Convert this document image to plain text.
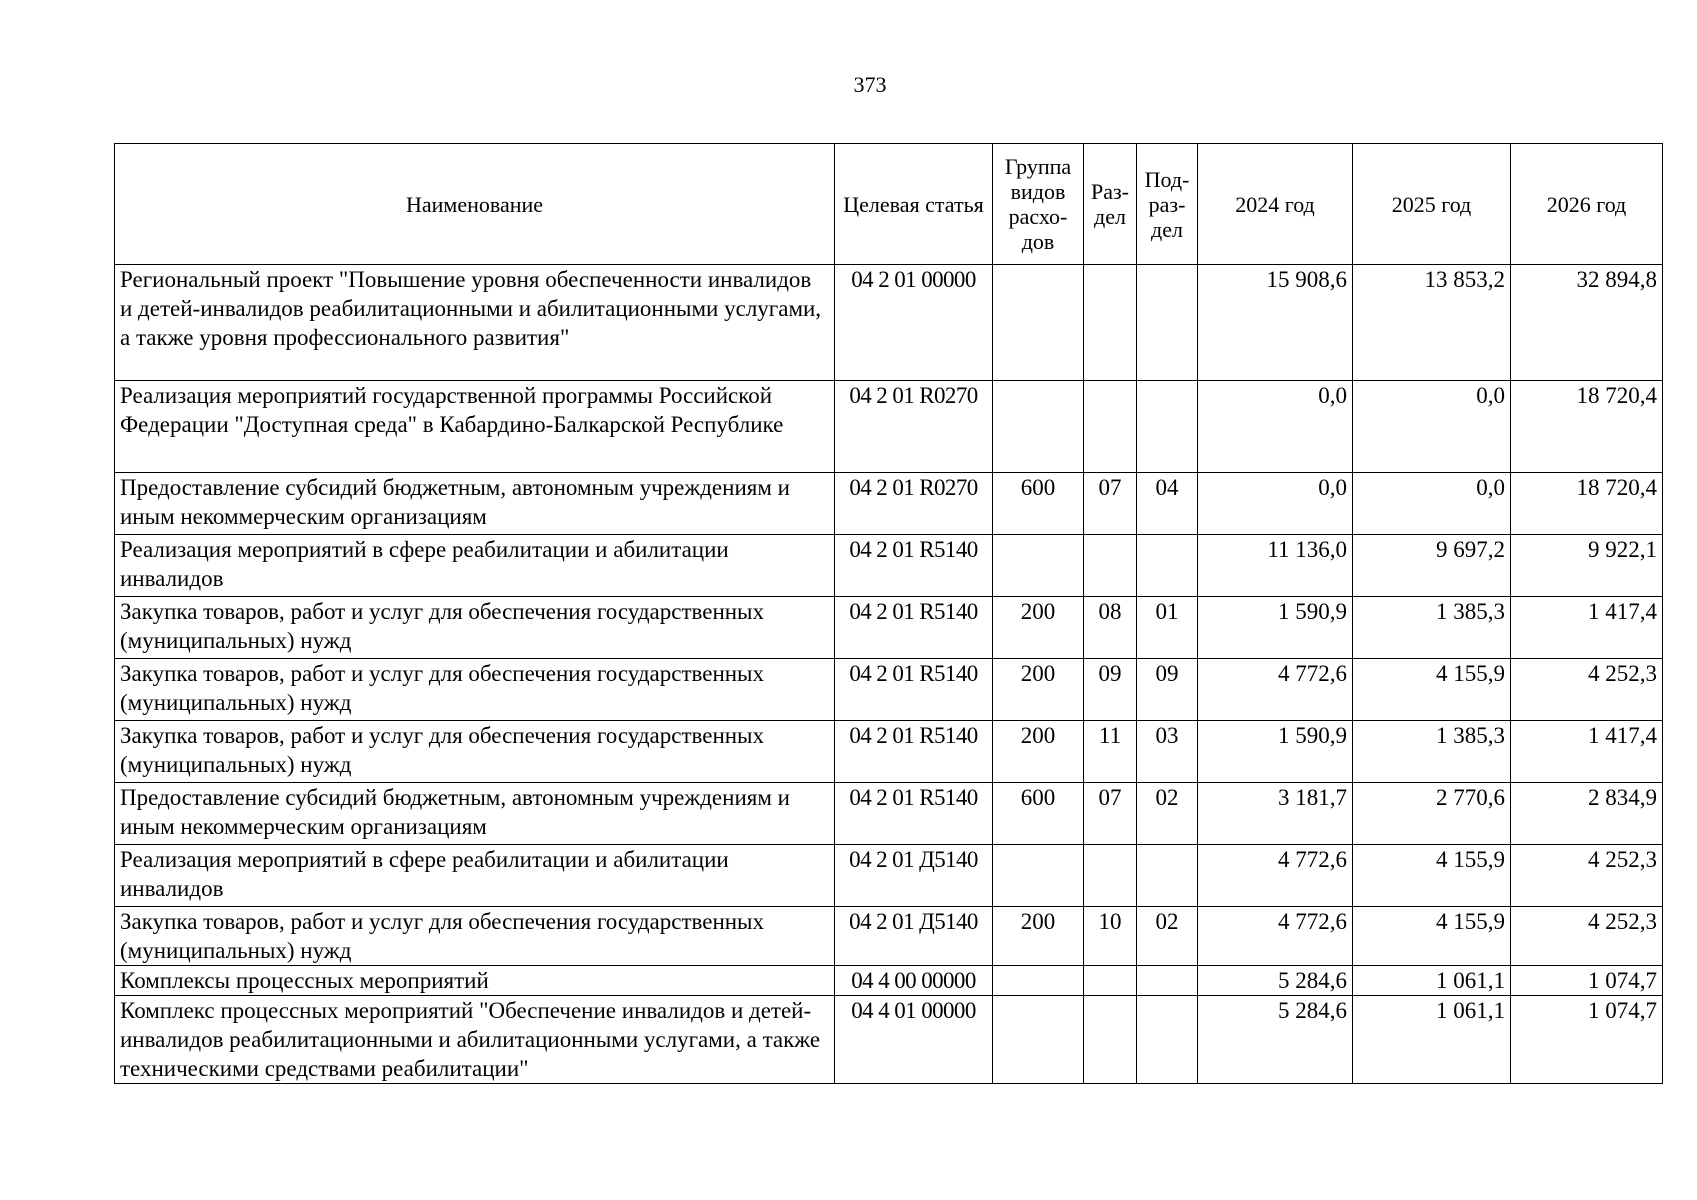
373
Наименование	Целевая статья	Группа видов расхо-дов	Раз-дел	Под-раз-дел	2024 год	2025 год	2026 год
Региональный проект "Повышение уровня обеспеченности инвалидов и детей-инвалидов реабилитационными и абилитационными услугами, а также уровня профессионального развития"	04 2 01 00000				15 908,6	13 853,2	32 894,8
Реализация мероприятий государственной программы Российской Федерации "Доступная среда" в Кабардино-Балкарской Республике	04 2 01 R0270				0,0	0,0	18 720,4
Предоставление субсидий бюджетным, автономным учреждениям и иным некоммерческим организациям	04 2 01 R0270	600	07	04	0,0	0,0	18 720,4
Реализация мероприятий в сфере реабилитации и абилитации инвалидов	04 2 01 R5140				11 136,0	9 697,2	9 922,1
Закупка товаров, работ и услуг для обеспечения государственных (муниципальных) нужд	04 2 01 R5140	200	08	01	1 590,9	1 385,3	1 417,4
Закупка товаров, работ и услуг для обеспечения государственных (муниципальных) нужд	04 2 01 R5140	200	09	09	4 772,6	4 155,9	4 252,3
Закупка товаров, работ и услуг для обеспечения государственных (муниципальных) нужд	04 2 01 R5140	200	11	03	1 590,9	1 385,3	1 417,4
Предоставление субсидий бюджетным, автономным учреждениям и иным некоммерческим организациям	04 2 01 R5140	600	07	02	3 181,7	2 770,6	2 834,9
Реализация мероприятий в сфере реабилитации и абилитации инвалидов	04 2 01 Д5140				4 772,6	4 155,9	4 252,3
Закупка товаров, работ и услуг для обеспечения государственных (муниципальных) нужд	04 2 01 Д5140	200	10	02	4 772,6	4 155,9	4 252,3
Комплексы процессных мероприятий	04 4 00 00000				5 284,6	1 061,1	1 074,7
Комплекс процессных мероприятий "Обеспечение инвалидов и детей-инвалидов реабилитационными и абилитационными услугами, а также техническими средствами реабилитации"	04 4 01 00000				5 284,6	1 061,1	1 074,7
